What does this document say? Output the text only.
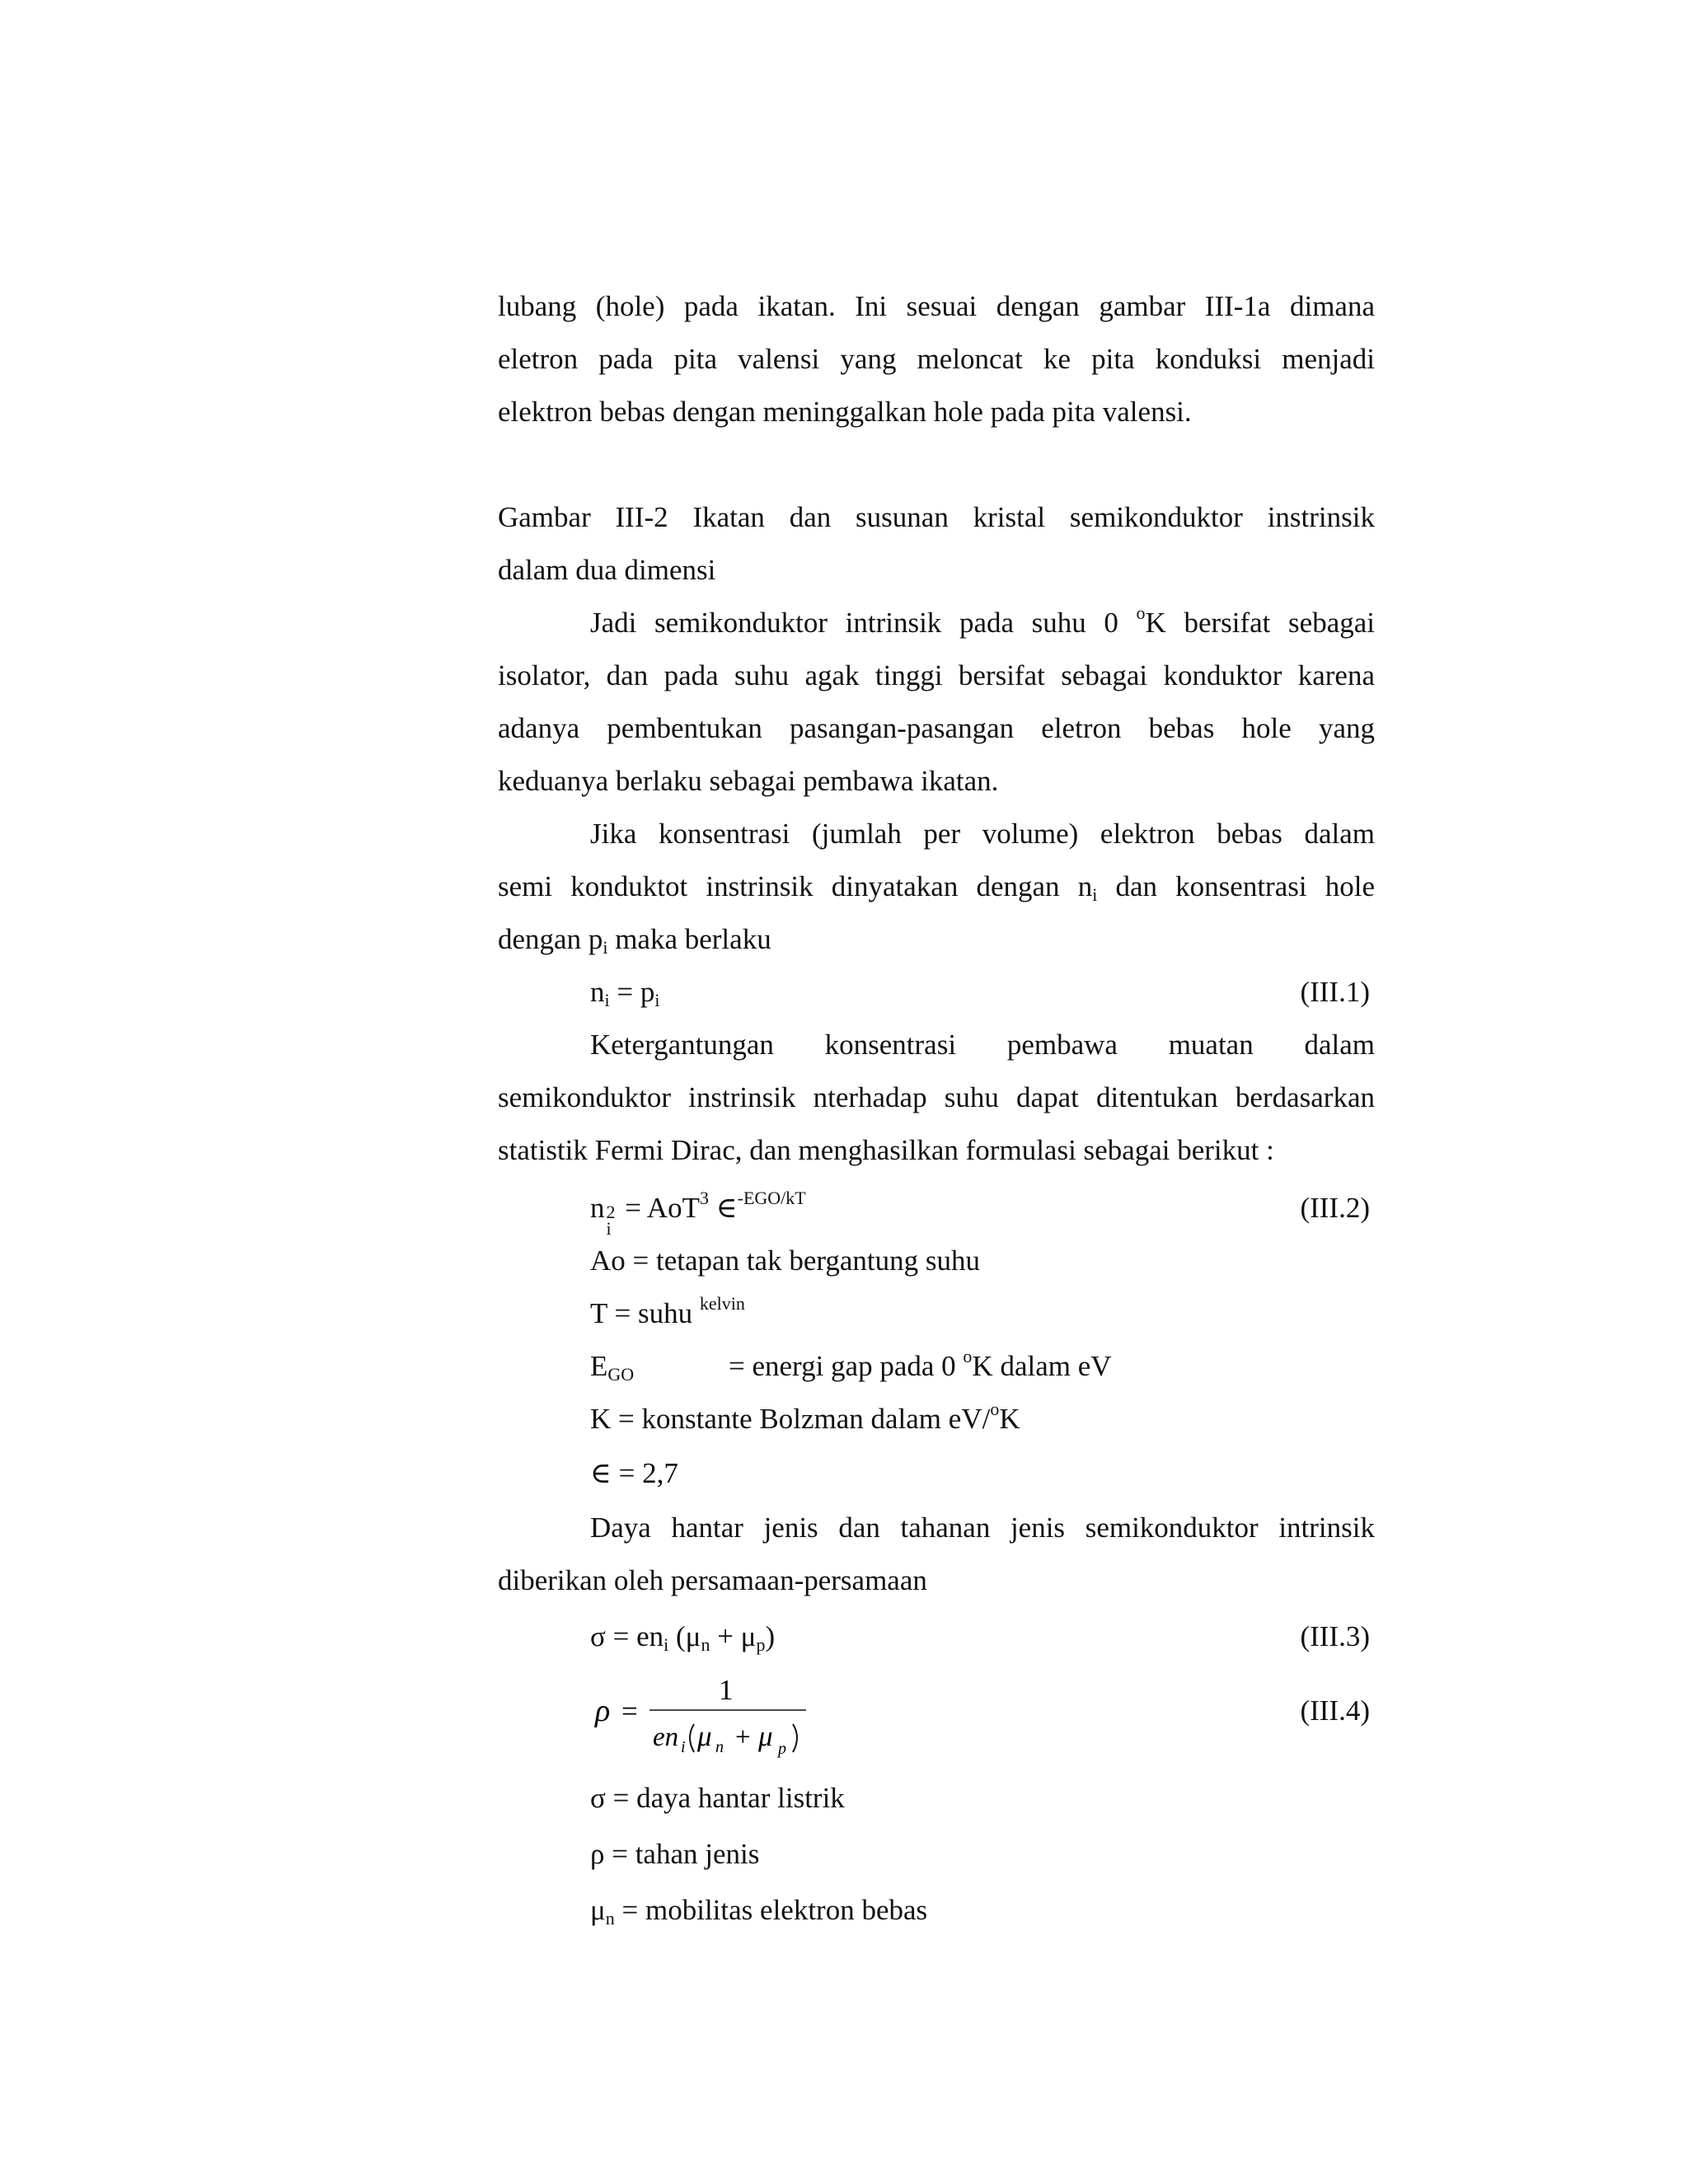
lubang (hole) pada ikatan. Ini sesuai dengan gambar III-1a dimana
eletron pada pita valensi yang meloncat ke pita konduksi menjadi
elektron bebas dengan meninggalkan hole pada pita valensi.
Gambar III-2 Ikatan dan susunan kristal semikonduktor instrinsik
dalam dua dimensi
Jadi semikonduktor intrinsik pada suhu 0 $^o$K bersifat sebagai
isolator, dan pada suhu agak tinggi bersifat sebagai konduktor karena
adanya pembentukan pasangan-pasangan eletron bebas hole yang
keduanya berlaku sebagai pembawa ikatan.
Jika konsentrasi (jumlah per volume) elektron bebas dalam
semi konduktot instrinsik dinyatakan dengan $n_i$ dan konsentrasi hole
dengan $p_i$ maka berlaku
$n_i = p_i$	(III.1)
Ketergantungan konsentrasi pembawa muatan dalam
semikonduktor instrinsik nterhadap suhu dapat ditentukan berdasarkan
statistik Fermi Dirac, dan menghasilkan formulasi sebagai berikut :
n 2
i
= AoT$^3$ ∈$^{-EGO/kT}$	(III.2)
Ao = tetapan tak bergantung suhu
T = suhu $^{kelvin}$
$E_{GO}$	= energi gap pada 0 $^o$K dalam eV
K = konstante Bolzman dalam eV/$^o$K
∈ = 2,7
Daya hantar jenis dan tahanan jenis semikonduktor intrinsik
diberikan oleh persamaan-persamaan
$\sigma = en_i$ $(\mu_n + \mu_p)$	(III.3)
ρ =
1
en i μ n + μ p
(III.4)
σ = daya hantar listrik
ρ = tahan jenis
$\mu_n$ = mobilitas elektron bebas
